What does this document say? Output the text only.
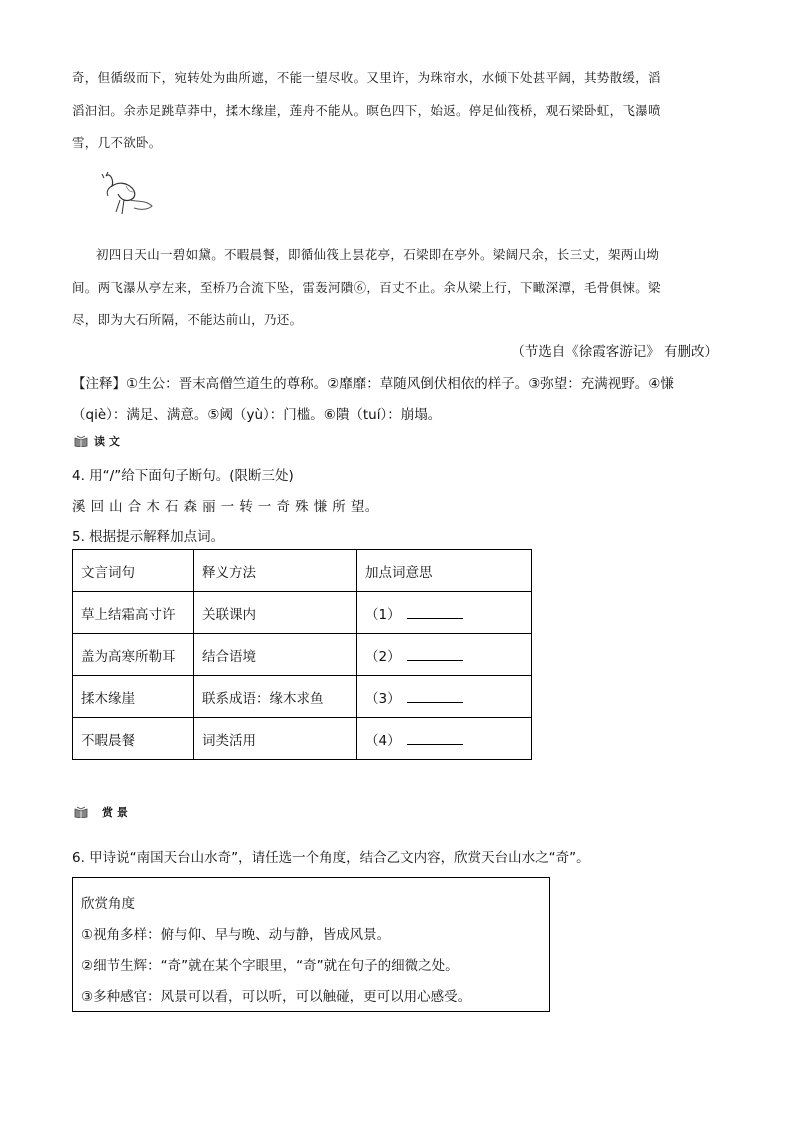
奇，但循级而下，宛转处为曲所遮，不能一望尽收。又里许，为珠帘水，水倾下处甚平阔，其势散缓，滔

滔汩汩。余赤足跳草莽中，揉木缘崖，莲舟不能从。暝色四下，始返。停足仙筏桥，观石梁卧虹，飞瀑喷

雪，几不欲卧。

初四日天山一碧如黛。不暇晨餐，即循仙筏上昙花亭，石梁即在亭外。梁阔尺余，长三丈，架两山坳

间。两飞瀑从亭左来，至桥乃合流下坠，雷轰河隤⑥，百丈不止。余从梁上行，下瞰深潭，毛骨俱悚。梁

尽，即为大石所隔，不能达前山，乃还。

（节选自《徐霞客游记》 有删改）

【注释】①生公：晋末高僧竺道生的尊称。②靡靡：草随风倒伏相依的样子。③弥望：充满视野。④慊

（qiè）：满足、满意。⑤阈（yù）：门槛。⑥隤（tuí）：崩塌。

读 文

4. 用“/”给下面句子断句。(限断三处)

溪 回 山 合 木 石 森 丽 一 转 一 奇 殊 慊 所 望。

5. 根据提示解释加点词。

文言词句	释义方法	加点词意思
草上结霜高寸许	关联课内	（1）
盖为高寒所勒耳	结合语境	（2）
揉木缘崖	联系成语：缘木求鱼	（3）
不暇晨餐	词类活用	（4）
赏 景

6. 甲诗说“南国天台山水奇”，请任选一个角度，结合乙文内容，欣赏天台山水之“奇”。

欣赏角度

①视角多样：俯与仰、早与晚、动与静，皆成风景。

②细节生辉：“奇”就在某个字眼里，“奇”就在句子的细微之处。

③多种感官：风景可以看，可以听，可以触碰，更可以用心感受。
